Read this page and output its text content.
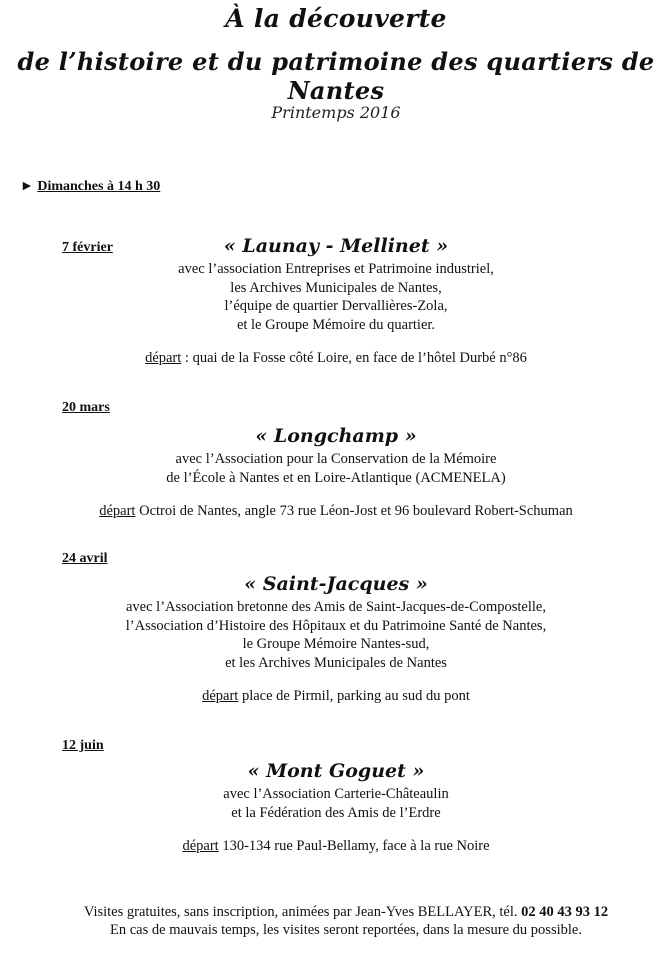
À la découverte
de l’histoire et du patrimoine des quartiers de Nantes
Printemps 2016
► Dimanches à 14 h 30
7 février	« Launay - Mellinet »
avec l’association Entreprises et Patrimoine industriel,
les Archives Municipales de Nantes,
l’équipe de quartier Dervallières-Zola,
et le Groupe Mémoire du quartier.
départ : quai de la Fosse côté Loire, en face de l’hôtel Durbé n°86
20 mars
« Longchamp »
avec l’Association pour la Conservation de la Mémoire
de l’École à Nantes et en Loire-Atlantique (ACMENELA)
départ Octroi de Nantes, angle 73 rue Léon-Jost et 96 boulevard Robert-Schuman
24 avril
« Saint-Jacques »
avec l’Association bretonne des Amis de Saint-Jacques-de-Compostelle,
l’Association d’Histoire des Hôpitaux et du Patrimoine Santé de Nantes,
le Groupe Mémoire Nantes-sud,
et les Archives Municipales de Nantes
départ place de Pirmil, parking au sud du pont
12 juin
« Mont Goguet »
avec l’Association Carterie-Châteaulin
et la Fédération des Amis de l’Erdre
départ 130-134 rue Paul-Bellamy, face à la rue Noire
Visites gratuites, sans inscription, animées par Jean-Yves BELLAYER, tél. 02 40 43 93 12
En cas de mauvais temps, les visites seront reportées, dans la mesure du possible.
